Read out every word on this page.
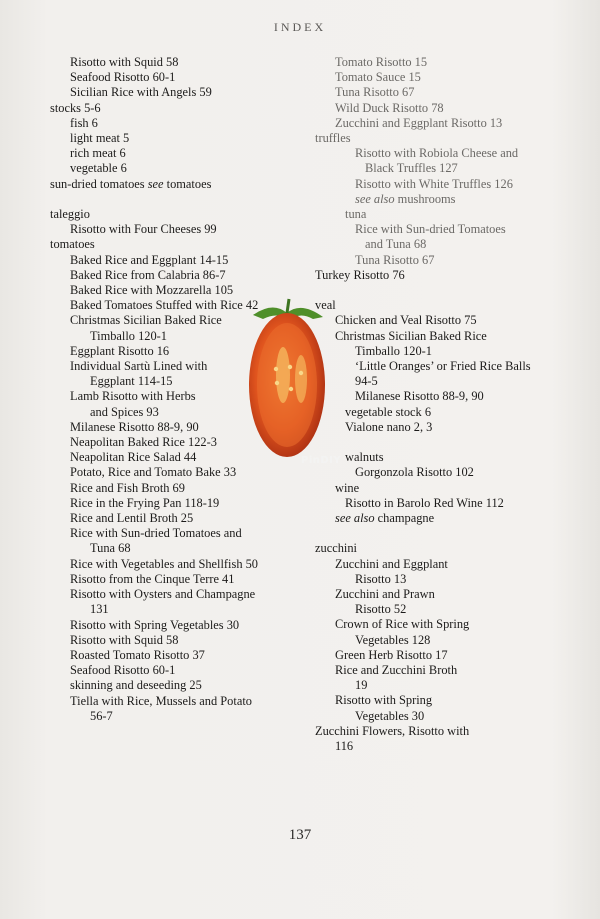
INDEX
Risotto with Squid 58
Seafood Risotto 60-1
Sicilian Rice with Angels 59
stocks 5-6
fish 6
light meat 5
rich meat 6
vegetable 6
sun-dried tomatoes see tomatoes
taleggio
Risotto with Four Cheeses 99
tomatoes
Baked Rice and Eggplant 14-15
Baked Rice from Calabria 86-7
Baked Rice with Mozzarella 105
Baked Tomatoes Stuffed with Rice 42
Christmas Sicilian Baked Rice
Timballo 120-1
Eggplant Risotto 16
Individual Sartù Lined with
Eggplant 114-15
Lamb Risotto with Herbs
and Spices 93
Milanese Risotto 88-9, 90
Neapolitan Baked Rice 122-3
Neapolitan Rice Salad 44
Potato, Rice and Tomato Bake 33
Rice and Fish Broth 69
Rice in the Frying Pan 118-19
Rice and Lentil Broth 25
Rice with Sun-dried Tomatoes and
Tuna 68
Rice with Vegetables and Shellfish 50
Risotto from the Cinque Terre 41
Risotto with Oysters and Champagne
131
Risotto with Spring Vegetables 30
Risotto with Squid 58
Roasted Tomato Risotto 37
Seafood Risotto 60-1
skinning and deseeding 25
Tiella with Rice, Mussels and Potato
56-7
Tomato Risotto 15
Tomato Sauce 15
Tuna Risotto 67
Wild Duck Risotto 78
Zucchini and Eggplant Risotto 13
truffles
Risotto with Robiola Cheese and
Black Truffles 127
Risotto with White Truffles 126
see also mushrooms
tuna
Rice with Sun-dried Tomatoes
and Tuna 68
Tuna Risotto 67
Turkey Risotto 76
veal
Chicken and Veal Risotto 75
Christmas Sicilian Baked Rice
Timballo 120-1
‘Little Oranges’ or Fried Rice Balls
94-5
Milanese Risotto 88-9, 90
vegetable stock 6
Vialone nano 2, 3
walnuts
Gorgonzola Risotto 102
wine
Risotto in Barolo Red Wine 112
see also champagne
zucchini
Zucchini and Eggplant
Risotto 13
Zucchini and Prawn
Risotto 52
Crown of Rice with Spring
Vegetables 128
Green Herb Risotto 17
Rice and Zucchini Broth
19
Risotto with Spring
Vegetables 30
Zucchini Flowers, Risotto with
116
PinDIY
137
